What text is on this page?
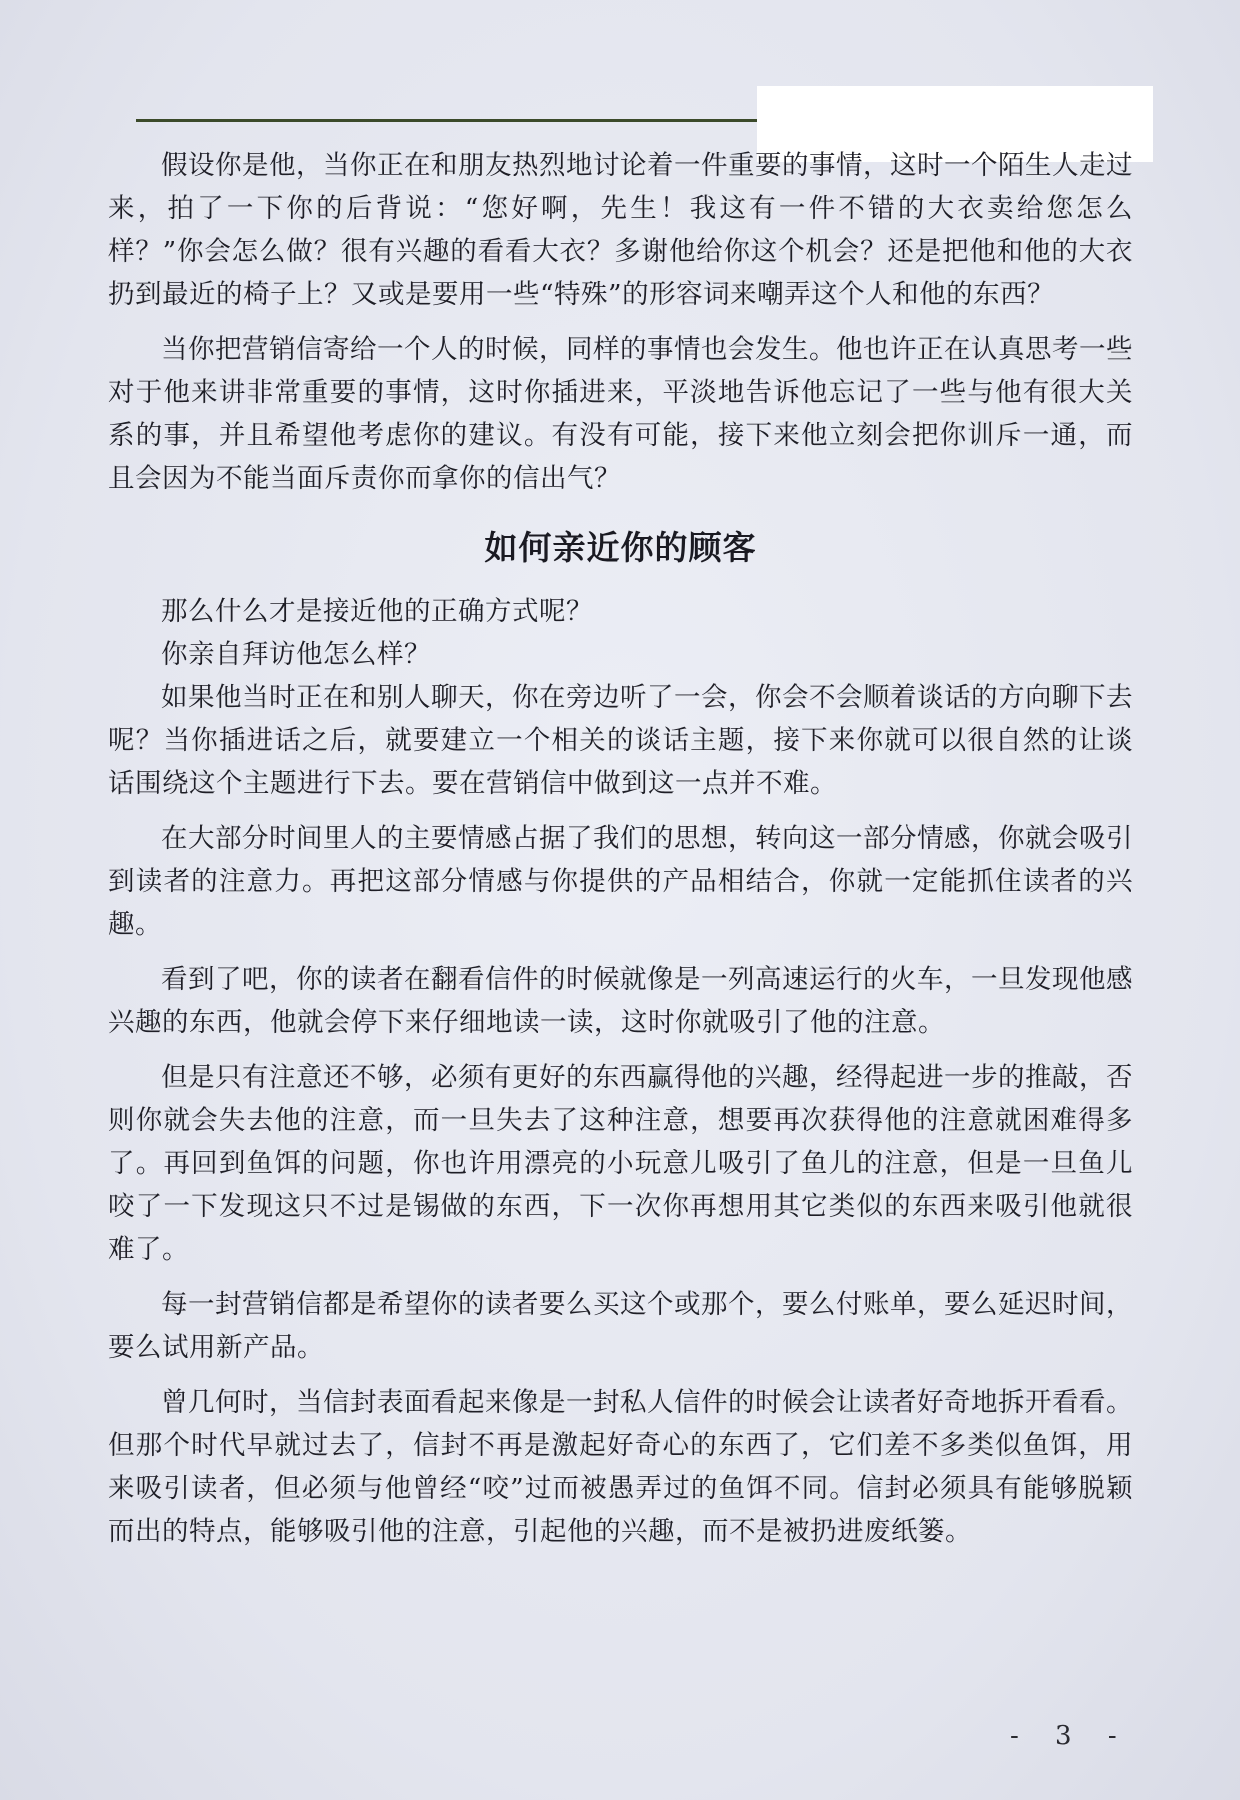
假设你是他，当你正在和朋友热烈地讨论着一件重要的事情，这时一个陌生人走过来，拍了一下你的后背说：“您好啊，先生！我这有一件不错的大衣卖给您怎么样？”你会怎么做？很有兴趣的看看大衣？多谢他给你这个机会？还是把他和他的大衣扔到最近的椅子上？又或是要用一些“特殊”的形容词来嘲弄这个人和他的东西？

当你把营销信寄给一个人的时候，同样的事情也会发生。他也许正在认真思考一些对于他来讲非常重要的事情，这时你插进来，平淡地告诉他忘记了一些与他有很大关系的事，并且希望他考虑你的建议。有没有可能，接下来他立刻会把你训斥一通，而且会因为不能当面斥责你而拿你的信出气？

如何亲近你的顾客

那么什么才是接近他的正确方式呢？

你亲自拜访他怎么样？

如果他当时正在和别人聊天，你在旁边听了一会，你会不会顺着谈话的方向聊下去呢？当你插进话之后，就要建立一个相关的谈话主题，接下来你就可以很自然的让谈话围绕这个主题进行下去。要在营销信中做到这一点并不难。

在大部分时间里人的主要情感占据了我们的思想，转向这一部分情感，你就会吸引到读者的注意力。再把这部分情感与你提供的产品相结合，你就一定能抓住读者的兴趣。

看到了吧，你的读者在翻看信件的时候就像是一列高速运行的火车，一旦发现他感兴趣的东西，他就会停下来仔细地读一读，这时你就吸引了他的注意。

但是只有注意还不够，必须有更好的东西赢得他的兴趣，经得起进一步的推敲，否则你就会失去他的注意，而一旦失去了这种注意，想要再次获得他的注意就困难得多了。再回到鱼饵的问题，你也许用漂亮的小玩意儿吸引了鱼儿的注意，但是一旦鱼儿咬了一下发现这只不过是锡做的东西，下一次你再想用其它类似的东西来吸引他就很难了。

每一封营销信都是希望你的读者要么买这个或那个，要么付账单，要么延迟时间，要么试用新产品。

曾几何时，当信封表面看起来像是一封私人信件的时候会让读者好奇地拆开看看。但那个时代早就过去了，信封不再是激起好奇心的东西了，它们差不多类似鱼饵，用来吸引读者，但必须与他曾经“咬”过而被愚弄过的鱼饵不同。信封必须具有能够脱颖而出的特点，能够吸引他的注意，引起他的兴趣，而不是被扔进废纸篓。

- 3 -
